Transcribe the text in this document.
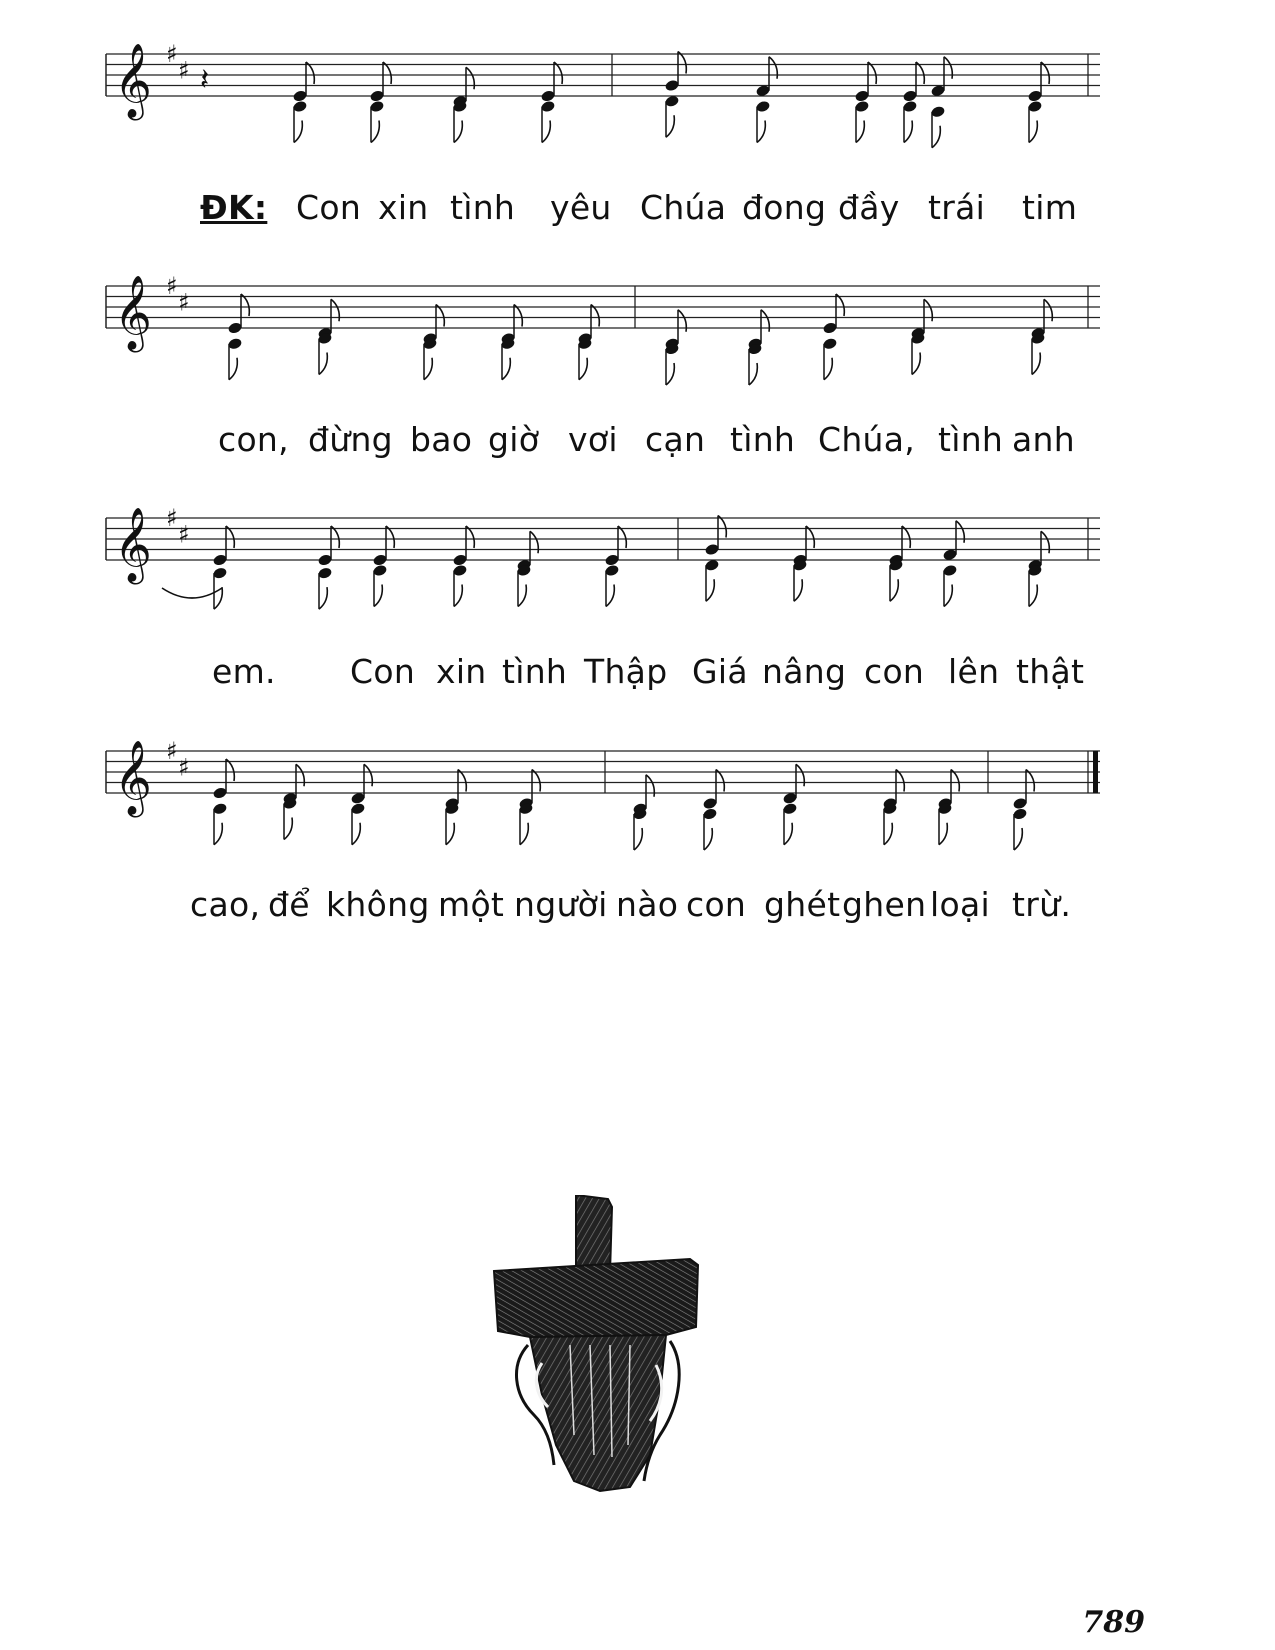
𝄞 ♯
♯ 𝄽
ĐK: Con xin tình yêu Chúa đong đầy trái tim
𝄞 ♯
♯
con, đừng bao giờ vơi cạn tình Chúa, tình anh
𝄞 ♯
♯
em. Con xin tình Thập Giá nâng con lên thật
𝄞 ♯
♯
cao, để không một người nào con ghét ghen loại trừ.
789
